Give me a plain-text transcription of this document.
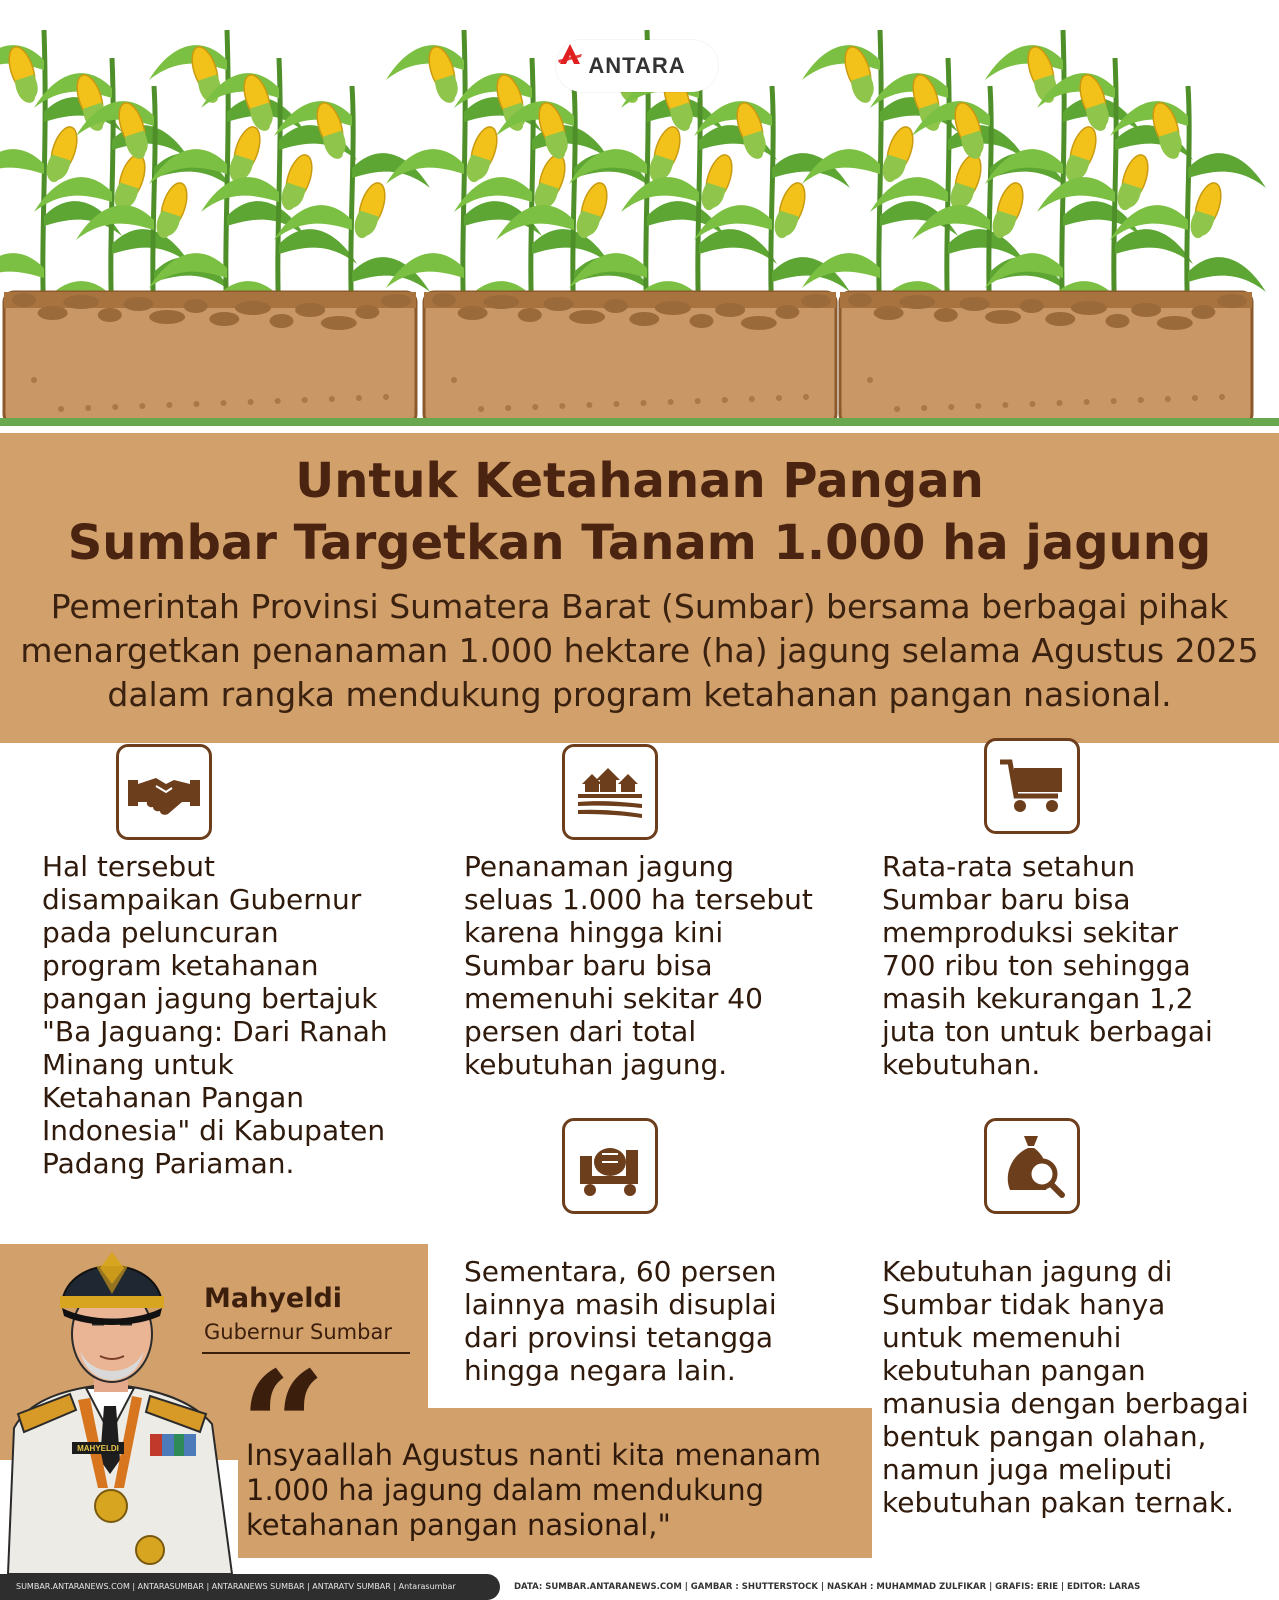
ANTARA
Untuk Ketahanan Pangan
Sumbar Targetkan Tanam 1.000 ha jagung
Pemerintah Provinsi Sumatera Barat (Sumbar) bersama berbagai pihak menargetkan penanaman 1.000 hektare (ha) jagung selama Agustus 2025 dalam rangka mendukung program ketahanan pangan nasional.
Hal tersebut disampaikan Gubernur pada peluncuran program ketahanan pangan jagung bertajuk "Ba Jaguang: Dari Ranah Minang untuk Ketahanan Pangan Indonesia" di Kabupaten Padang Pariaman.
Penanaman jagung seluas 1.000 ha tersebut karena hingga kini Sumbar baru bisa memenuhi sekitar 40 persen dari total kebutuhan jagung.
Rata-rata setahun Sumbar baru bisa memproduksi sekitar 700 ribu ton sehingga masih kekurangan 1,2 juta ton untuk berbagai kebutuhan.
Sementara, 60 persen lainnya masih disuplai dari provinsi tetangga hingga negara lain.
Kebutuhan jagung di Sumbar tidak hanya untuk memenuhi kebutuhan pangan manusia dengan berbagai bentuk pangan olahan, namun juga meliputi kebutuhan pakan ternak.
MAHYELDI
Mahyeldi
Gubernur Sumbar
“
Insyaallah Agustus nanti kita menanam 1.000 ha jagung dalam mendukung ketahanan pangan nasional,"
SUMBAR.ANTARANEWS.COM | ANTARASUMBAR | ANTARANEWS SUMBAR | ANTARATV SUMBAR | Antarasumbar	DATA: SUMBAR.ANTARANEWS.COM | GAMBAR : SHUTTERSTOCK | NASKAH : MUHAMMAD ZULFIKAR | GRAFIS: ERIE | EDITOR: LARAS
